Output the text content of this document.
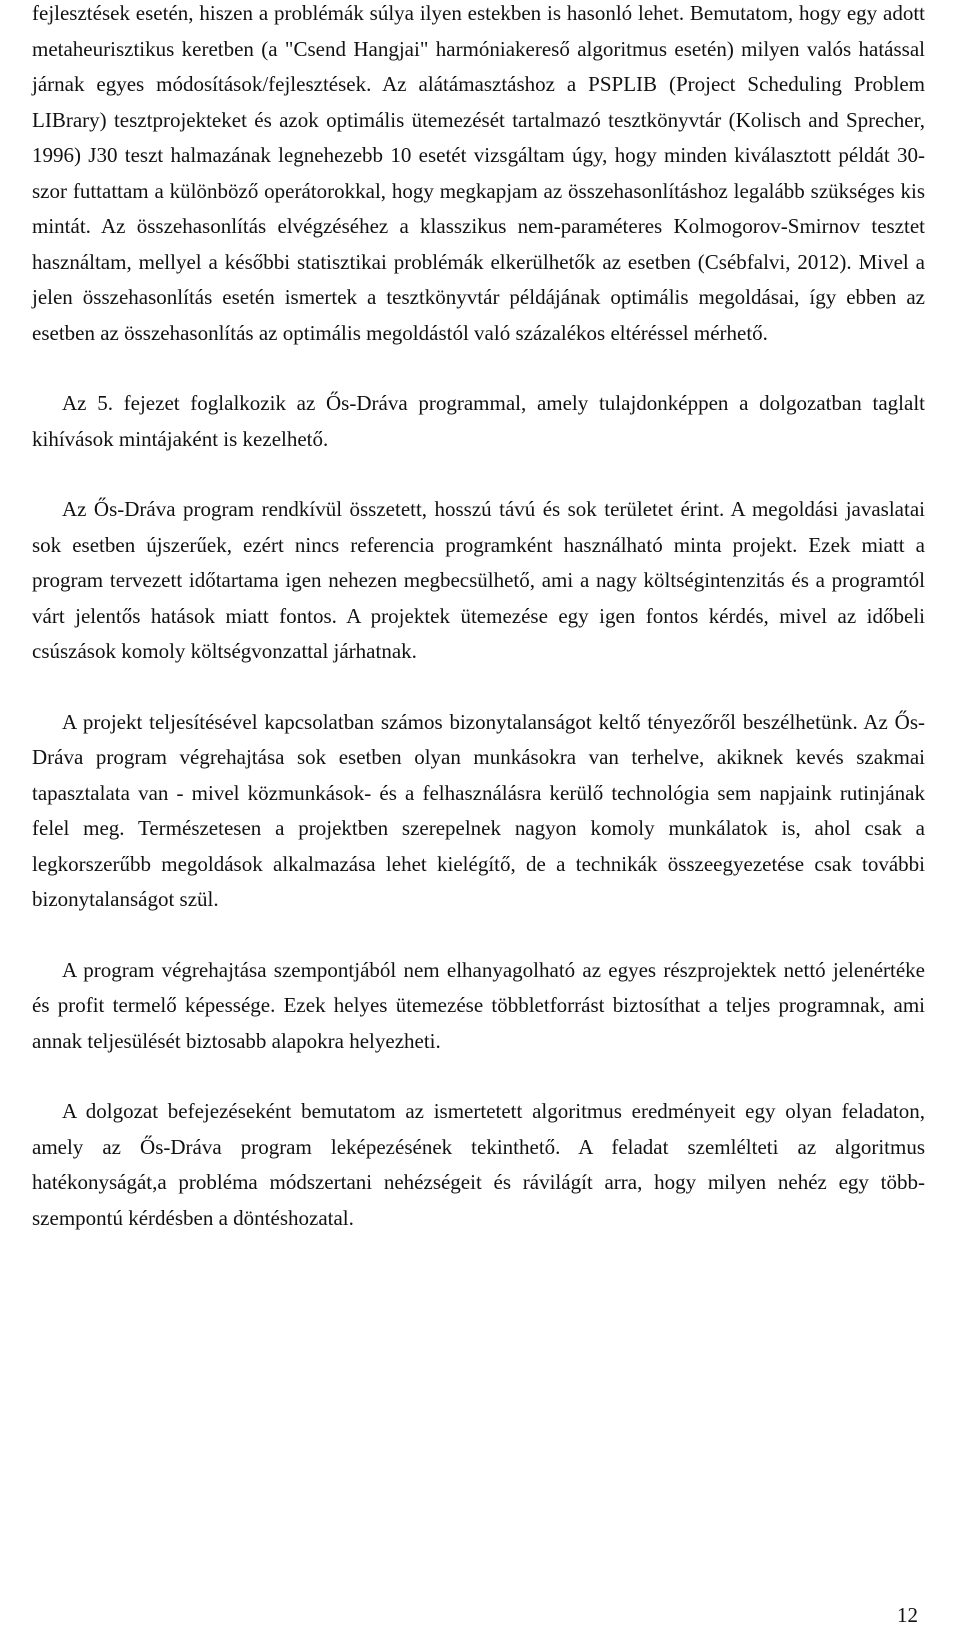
fejlesztések esetén, hiszen a problémák súlya ilyen estekben is hasonló lehet. Bemutatom, hogy egy adott metaheurisztikus keretben (a "Csend Hangjai" harmóniakereső algoritmus esetén) milyen valós hatással járnak egyes módosítások/fejlesztések. Az alátámasztáshoz a PSPLIB (Project Scheduling Problem LIBrary) tesztprojekteket és azok optimális ütemezését tartalmazó tesztkönyvtár (Kolisch and Sprecher, 1996) J30 teszt halmazának legnehezebb 10 esetét vizsgáltam úgy, hogy minden kiválasztott példát 30-szor futtattam a különböző operátorokkal, hogy megkapjam az összehasonlításhoz legalább szükséges kis mintát. Az összehasonlítás elvégzéséhez a klasszikus nem-paraméteres Kolmogorov-Smirnov tesztet használtam, mellyel a későbbi statisztikai problémák elkerülhetők az esetben (Csébfalvi, 2012). Mivel a jelen összehasonlítás esetén ismertek a tesztkönyvtár példájának optimális megoldásai, így ebben az esetben az összehasonlítás az optimális megoldástól való százalékos eltéréssel mérhető.

Az 5. fejezet foglalkozik az Ős-Dráva programmal, amely tulajdonképpen a dolgozatban taglalt kihívások mintájaként is kezelhető.

Az Ős-Dráva program rendkívül összetett, hosszú távú és sok területet érint. A megoldási javaslatai sok esetben újszerűek, ezért nincs referencia programként használható minta projekt. Ezek miatt a program tervezett időtartama igen nehezen megbecsülhető, ami a nagy költségintenzitás és a programtól várt jelentős hatások miatt fontos. A projektek ütemezése egy igen fontos kérdés, mivel az időbeli csúszások komoly költségvonzattal járhatnak.

A projekt teljesítésével kapcsolatban számos bizonytalanságot keltő tényezőről beszélhetünk. Az Ős-Dráva program végrehajtása sok esetben olyan munkásokra van terhelve, akiknek kevés szakmai tapasztalata van - mivel közmunkások- és a felhasználásra kerülő technológia sem napjaink rutinjának felel meg. Természetesen a projektben szerepelnek nagyon komoly munkálatok is, ahol csak a legkorszerűbb megoldások alkalmazása lehet kielégítő, de a technikák összeegyezetése csak további bizonytalanságot szül.

A program végrehajtása szempontjából nem elhanyagolható az egyes részprojektek nettó jelenértéke és profit termelő képessége. Ezek helyes ütemezése többletforrást biztosíthat a teljes programnak, ami annak teljesülését biztosabb alapokra helyezheti.

A dolgozat befejezéseként bemutatom az ismertetett algoritmus eredményeit egy olyan feladaton, amely az Ős-Dráva program leképezésének tekinthető. A feladat szemlélteti az algoritmus hatékonyságát,a probléma módszertani nehézségeit és rávilágít arra, hogy milyen nehéz egy több-szempontú kérdésben a döntéshozatal.

12
